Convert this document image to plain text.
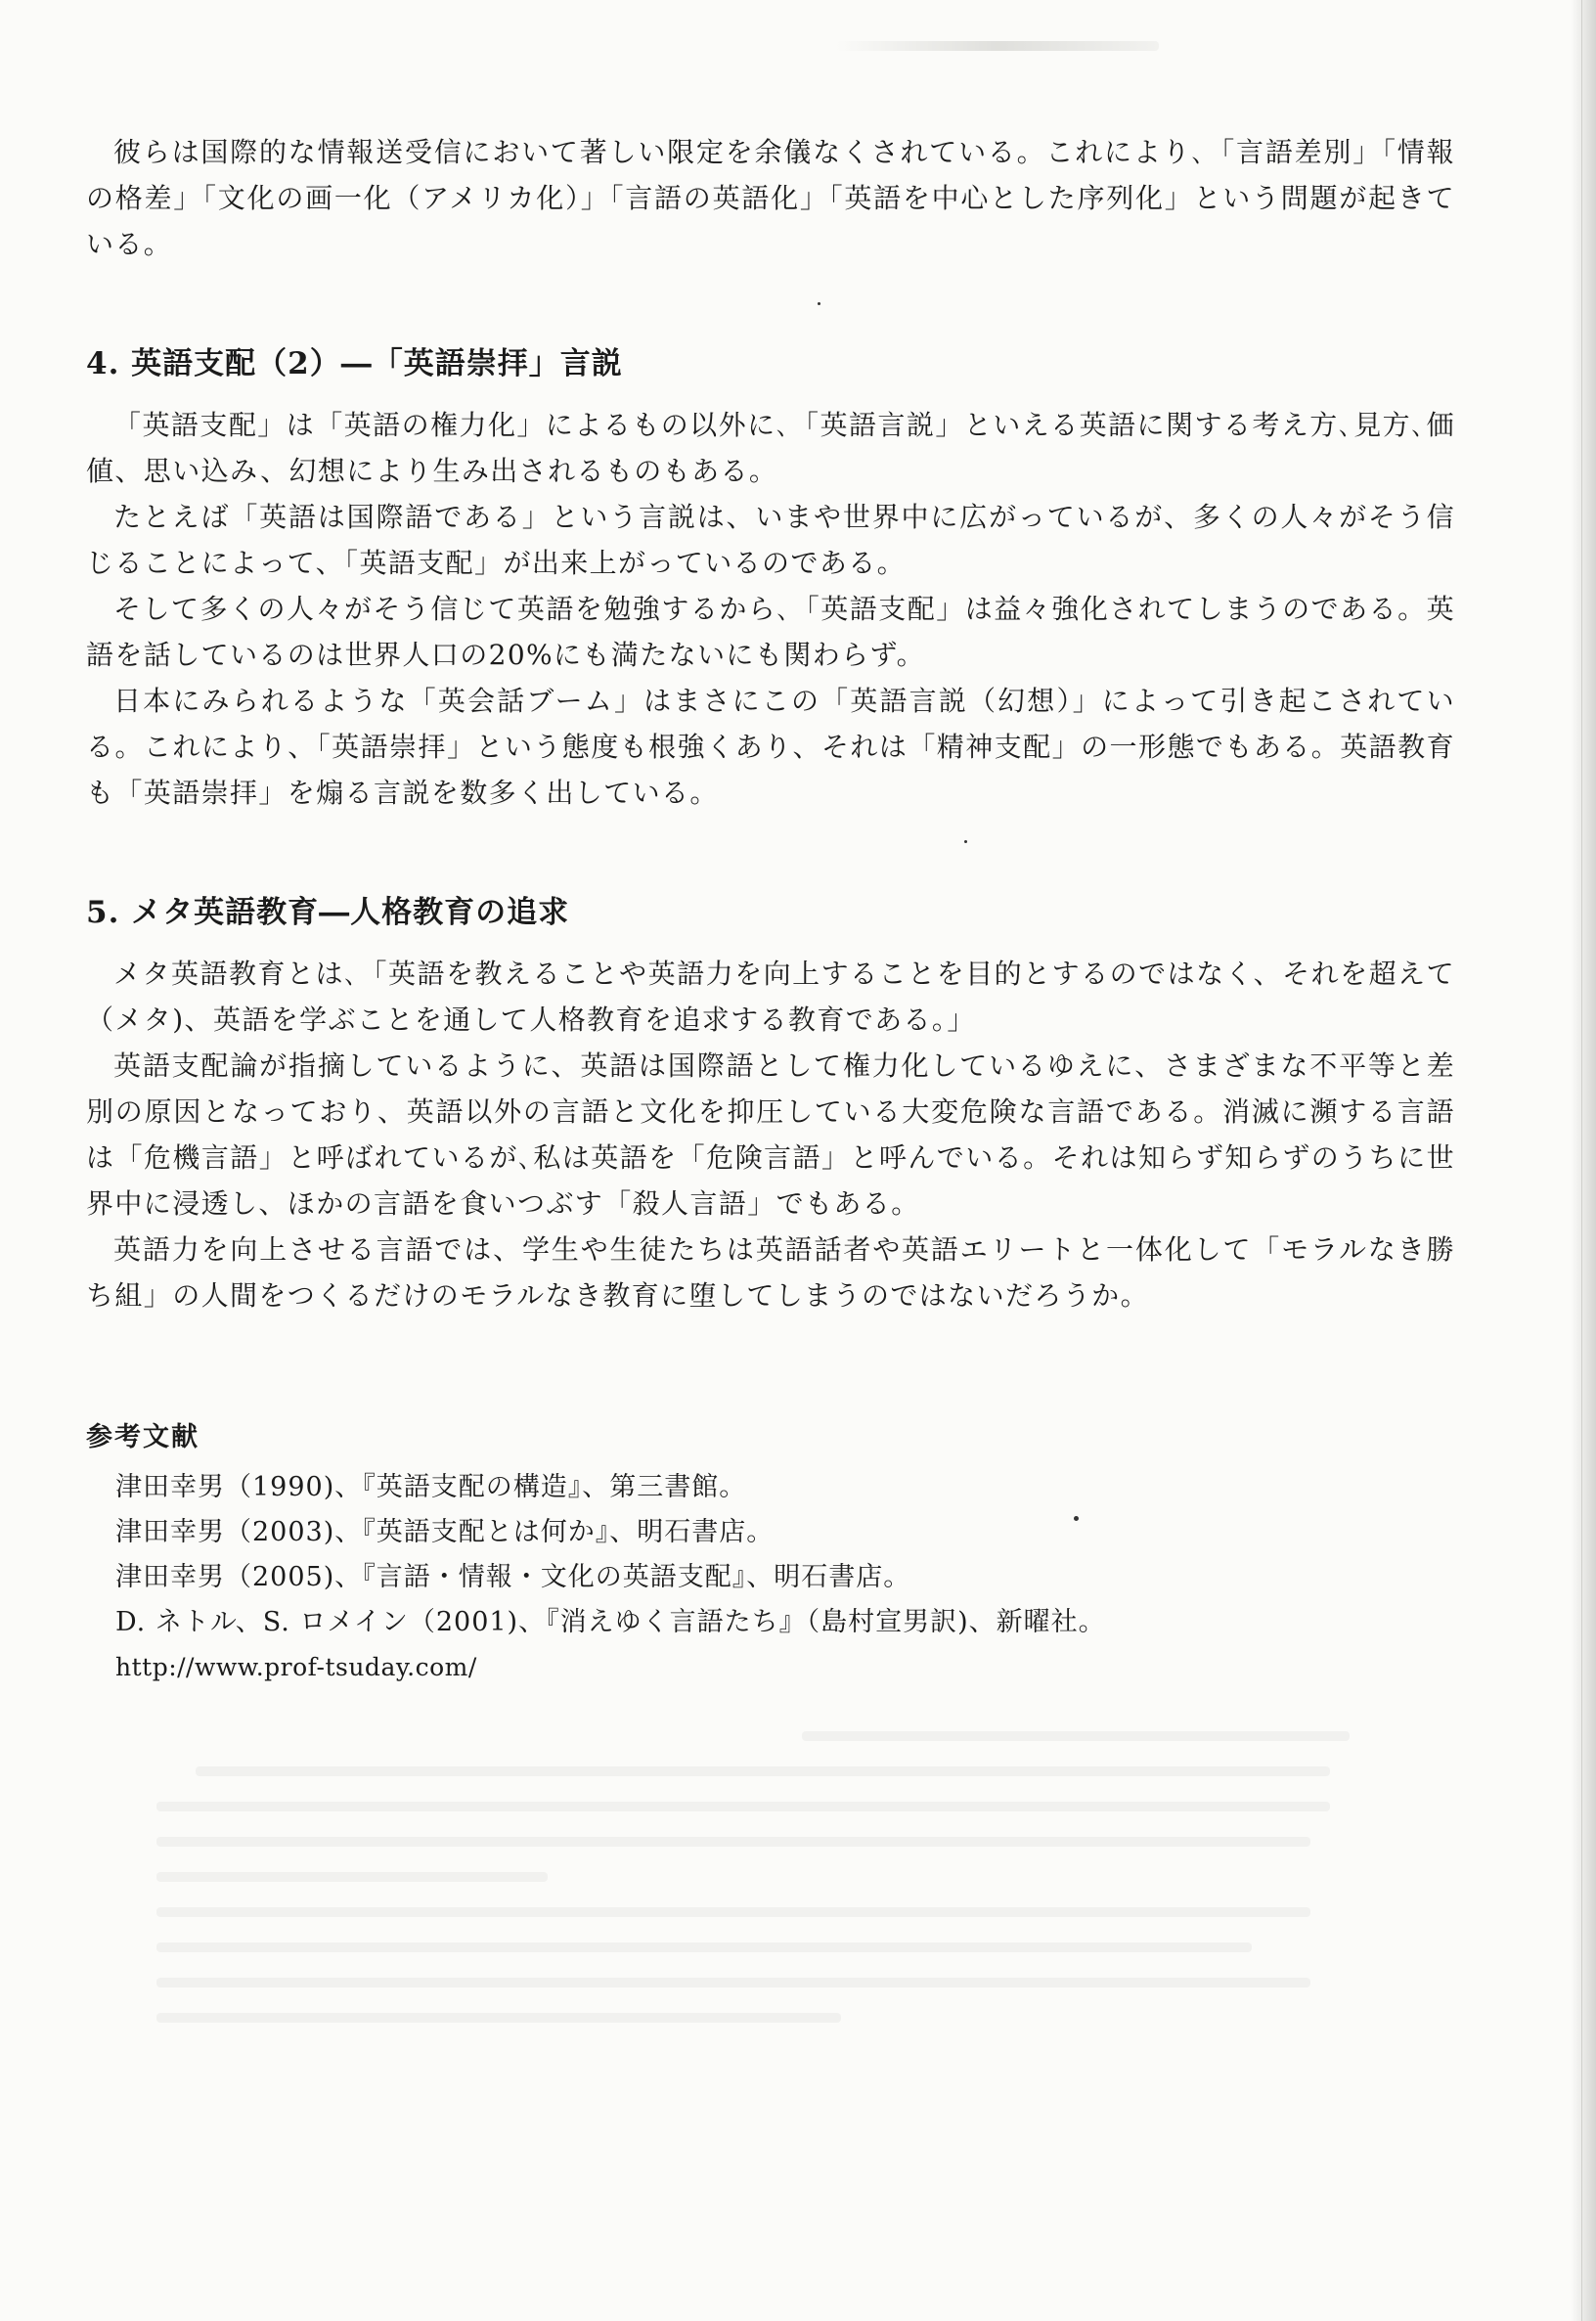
彼らは国際的な情報送受信において著しい限定を余儀なくされている。これにより､「言語差別」「情報の格差」「文化の画一化（アメリカ化）」「言語の英語化」「英語を中心とした序列化」という問題が起きている。

4. 英語支配（2）―「英語崇拝」言説

「英語支配」は「英語の権力化」によるもの以外に､「英語言説」といえる英語に関する考え方､見方､価値、思い込み、幻想により生み出されるものもある。

たとえば「英語は国際語である」という言説は、いまや世界中に広がっているが、多くの人々がそう信じることによって、「英語支配」が出来上がっているのである。

そして多くの人々がそう信じて英語を勉強するから､「英語支配」は益々強化されてしまうのである。英語を話しているのは世界人口の20%にも満たないにも関わらず。

日本にみられるような「英会話ブーム」はまさにこの「英語言説（幻想）」によって引き起こされている。これにより、「英語崇拝」という態度も根強くあり、それは「精神支配」の一形態でもある。英語教育も「英語崇拝」を煽る言説を数多く出している。

5. メタ英語教育―人格教育の追求

メタ英語教育とは､「英語を教えることや英語力を向上することを目的とするのではなく、それを超えて（メタ)、英語を学ぶことを通して人格教育を追求する教育である。」

英語支配論が指摘しているように、英語は国際語として権力化しているゆえに、さまざまな不平等と差別の原因となっており、英語以外の言語と文化を抑圧している大変危険な言語である。消滅に瀕する言語は「危機言語」と呼ばれているが､私は英語を「危険言語」と呼んでいる。それは知らず知らずのうちに世界中に浸透し、ほかの言語を食いつぶす「殺人言語」でもある。

英語力を向上させる言語では、学生や生徒たちは英語話者や英語エリートと一体化して「モラルなき勝ち組」の人間をつくるだけのモラルなき教育に堕してしまうのではないだろうか。

参考文献
津田幸男（1990)、『英語支配の構造』、第三書館。
津田幸男（2003)、『英語支配とは何か』、明石書店。
津田幸男（2005)、『言語・情報・文化の英語支配』、明石書店。
D. ネトル、S. ロメイン（2001)、『消えゆく言語たち』（島村宣男訳)、新曜社。
http://www.prof-tsuday.com/
